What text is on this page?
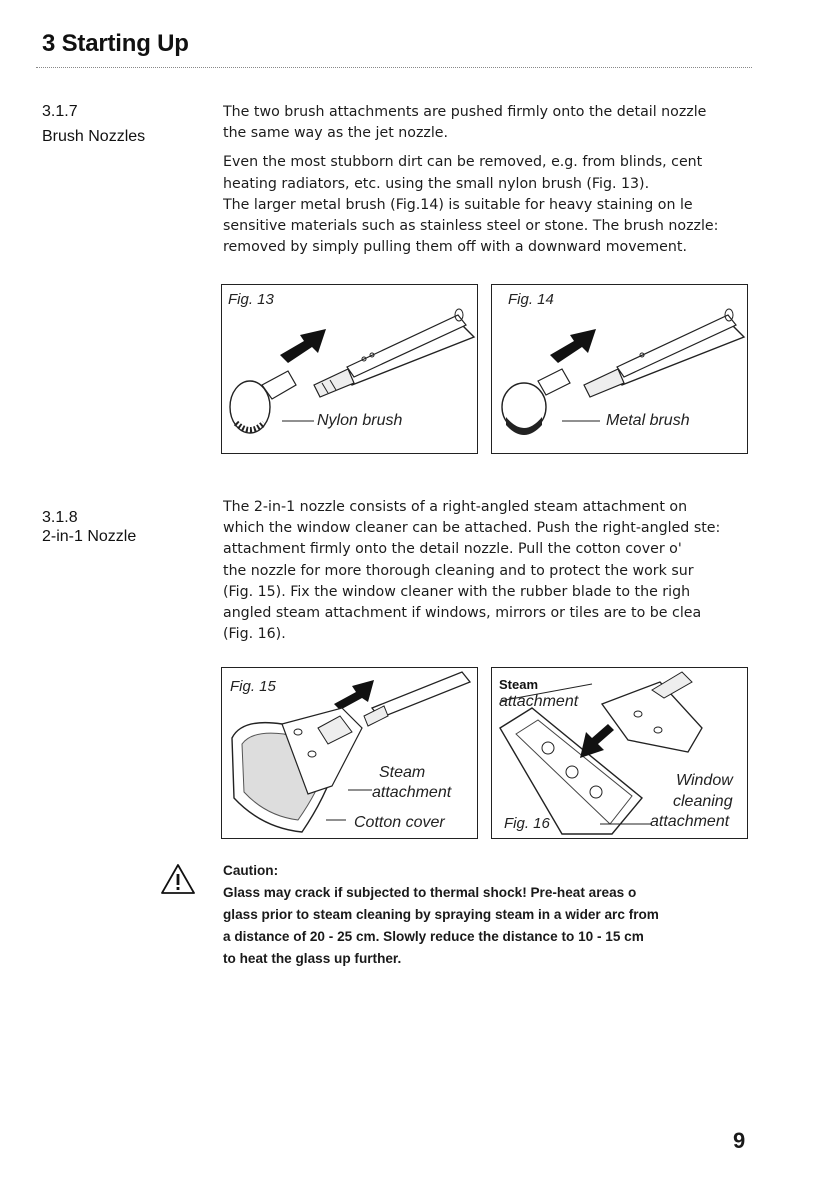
3 Starting Up
3.1.7
Brush Nozzles
The two brush attachments are pushed firmly onto the detail nozzle
the same way as the jet nozzle.
Even the most stubborn dirt can be removed, e.g. from blinds, cent
heating radiators, etc. using the small nylon brush (Fig. 13).
The larger metal brush (Fig.14) is suitable for heavy staining on le
sensitive materials such as stainless steel or stone. The brush nozzle:
removed by simply pulling them off with a downward movement.
Fig. 13
Nylon brush
Fig. 14
Metal brush
3.1.8
2-in-1 Nozzle
The 2-in-1 nozzle consists of a right-angled steam attachment on
which the window cleaner can be attached. Push the right-angled ste:
attachment firmly onto the detail nozzle. Pull the cotton cover o'
the nozzle for more thorough cleaning and to protect the work sur
(Fig. 15). Fix the window cleaner with the rubber blade to the righ
angled steam attachment if windows, mirrors or tiles are to be clea
(Fig. 16).
Fig. 15
Steam
attachment
Cotton cover
Steam
attachment
Window
cleaning
attachment
Fig. 16
Caution:
Glass may crack if subjected to thermal shock! Pre-heat areas o
glass prior to steam cleaning by spraying steam in a wider arc from
a distance of 20 - 25 cm. Slowly reduce the distance to 10 - 15 cm
to heat the glass up further.
9
